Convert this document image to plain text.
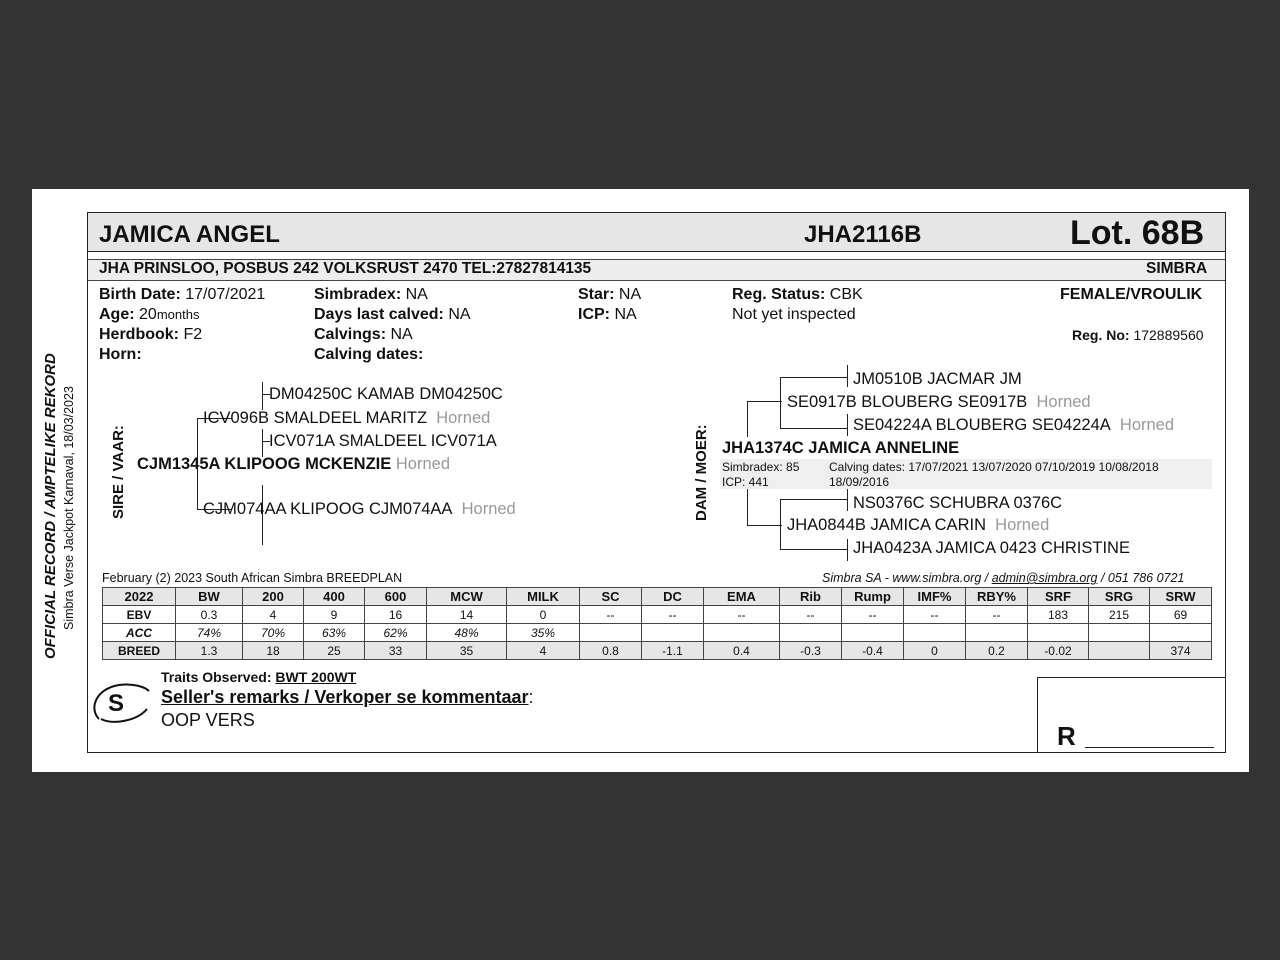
OFFICIAL RECORD / AMPTELIKE REKORD Simbra Verse Jackpot Karnaval, 18/03/2023
JAMICA ANGEL	JHA2116B	Lot. 68B
JHA PRINSLOO, POSBUS 242 VOLKSRUST 2470 TEL:27827814135	SIMBRA
Birth Date: 17/07/2021
Age: 20months
Herdbook: F2
Horn:
Simbradex: NA
Days last calved: NA
Calvings: NA
Calving dates:
Star: NA
ICP: NA
Reg. Status: CBK
Not yet inspected
FEMALE/VROULIK
Reg. No: 172889560
SIRE / VAAR:
DM04250C KAMAB DM04250C
ICV096B SMALDEEL MARITZ Horned
ICV071A SMALDEEL ICV071A
CJM1345A KLIPOOG MCKENZIE Horned
CJM074AA KLIPOOG CJM074AA Horned	DAM / MOER:
JM0510B JACMAR JM
SE0917B BLOUBERG SE0917B Horned
SE04224A BLOUBERG SE04224A Horned
JHA1374C JAMICA ANNELINE
Simbradex: 85
ICP: 441
Calving dates: 17/07/2021 13/07/2020 07/10/2019 10/08/2018
18/09/2016
NS0376C SCHUBRA 0376C
JHA0844B JAMICA CARIN Horned
JHA0423A JAMICA 0423 CHRISTINE
February (2) 2023 South African Simbra BREEDPLAN	Simbra SA - www.simbra.org / admin@simbra.org / 051 786 0721
2022	BW	200	400	600	MCW	MILK	SC	DC	EMA	Rib	Rump	IMF%	RBY%	SRF	SRG	SRW
EBV	0.3	4	9	16	14	0	--	--	--	--	--	--	--	183	215	69
ACC	74%	70%	63%	62%	48%	35%										
BREED	1.3	18	25	33	35	4	0.8	-1.1	0.4	-0.3	-0.4	0	0.2	-0.02		374
S
Traits Observed: BWT 200WT
Seller's remarks / Verkoper se kommentaar:
OOP VERS
R
